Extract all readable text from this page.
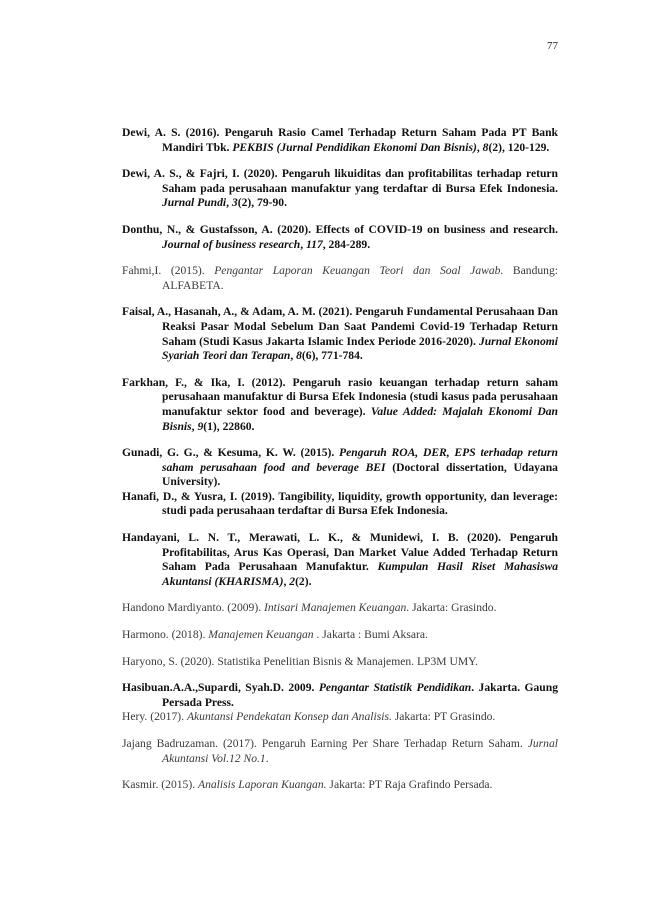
77

Dewi, A. S. (2016). Pengaruh Rasio Camel Terhadap Return Saham Pada PT Bank Mandiri Tbk. PEKBIS (Jurnal Pendidikan Ekonomi Dan Bisnis), 8(2), 120-129.

Dewi, A. S., & Fajri, I. (2020). Pengaruh likuiditas dan profitabilitas terhadap return Saham pada perusahaan manufaktur yang terdaftar di Bursa Efek Indonesia. Jurnal Pundi, 3(2), 79-90.

Donthu, N., & Gustafsson, A. (2020). Effects of COVID-19 on business and research. Journal of business research, 117, 284-289.

Fahmi,I. (2015). Pengantar Laporan Keuangan Teori dan Soal Jawab. Bandung: ALFABETA.

Faisal, A., Hasanah, A., & Adam, A. M. (2021). Pengaruh Fundamental Perusahaan Dan Reaksi Pasar Modal Sebelum Dan Saat Pandemi Covid-19 Terhadap Return Saham (Studi Kasus Jakarta Islamic Index Periode 2016-2020). Jurnal Ekonomi Syariah Teori dan Terapan, 8(6), 771-784.

Farkhan, F., & Ika, I. (2012). Pengaruh rasio keuangan terhadap return saham perusahaan manufaktur di Bursa Efek Indonesia (studi kasus pada perusahaan manufaktur sektor food and beverage). Value Added: Majalah Ekonomi Dan Bisnis, 9(1), 22860.

Gunadi, G. G., & Kesuma, K. W. (2015). Pengaruh ROA, DER, EPS terhadap return saham perusahaan food and beverage BEI (Doctoral dissertation, Udayana University).

Hanafi, D., & Yusra, I. (2019). Tangibility, liquidity, growth opportunity, dan leverage: studi pada perusahaan terdaftar di Bursa Efek Indonesia.

Handayani, L. N. T., Merawati, L. K., & Munidewi, I. B. (2020). Pengaruh Profitabilitas, Arus Kas Operasi, Dan Market Value Added Terhadap Return Saham Pada Perusahaan Manufaktur. Kumpulan Hasil Riset Mahasiswa Akuntansi (KHARISMA), 2(2).

Handono Mardiyanto. (2009). Intisari Manajemen Keuangan. Jakarta: Grasindo.

Harmono. (2018). Manajemen Keuangan . Jakarta : Bumi Aksara.

Haryono, S. (2020). Statistika Penelitian Bisnis & Manajemen. LP3M UMY.

Hasibuan.A.A.,Supardi, Syah.D. 2009. Pengantar Statistik Pendidikan. Jakarta. Gaung Persada Press.

Hery. (2017). Akuntansi Pendekatan Konsep dan Analisis. Jakarta: PT Grasindo.

Jajang Badruzaman. (2017). Pengaruh Earning Per Share Terhadap Return Saham. Jurnal Akuntansi Vol.12 No.1.

Kasmir. (2015). Analisis Laporan Kuangan. Jakarta: PT Raja Grafindo Persada.
